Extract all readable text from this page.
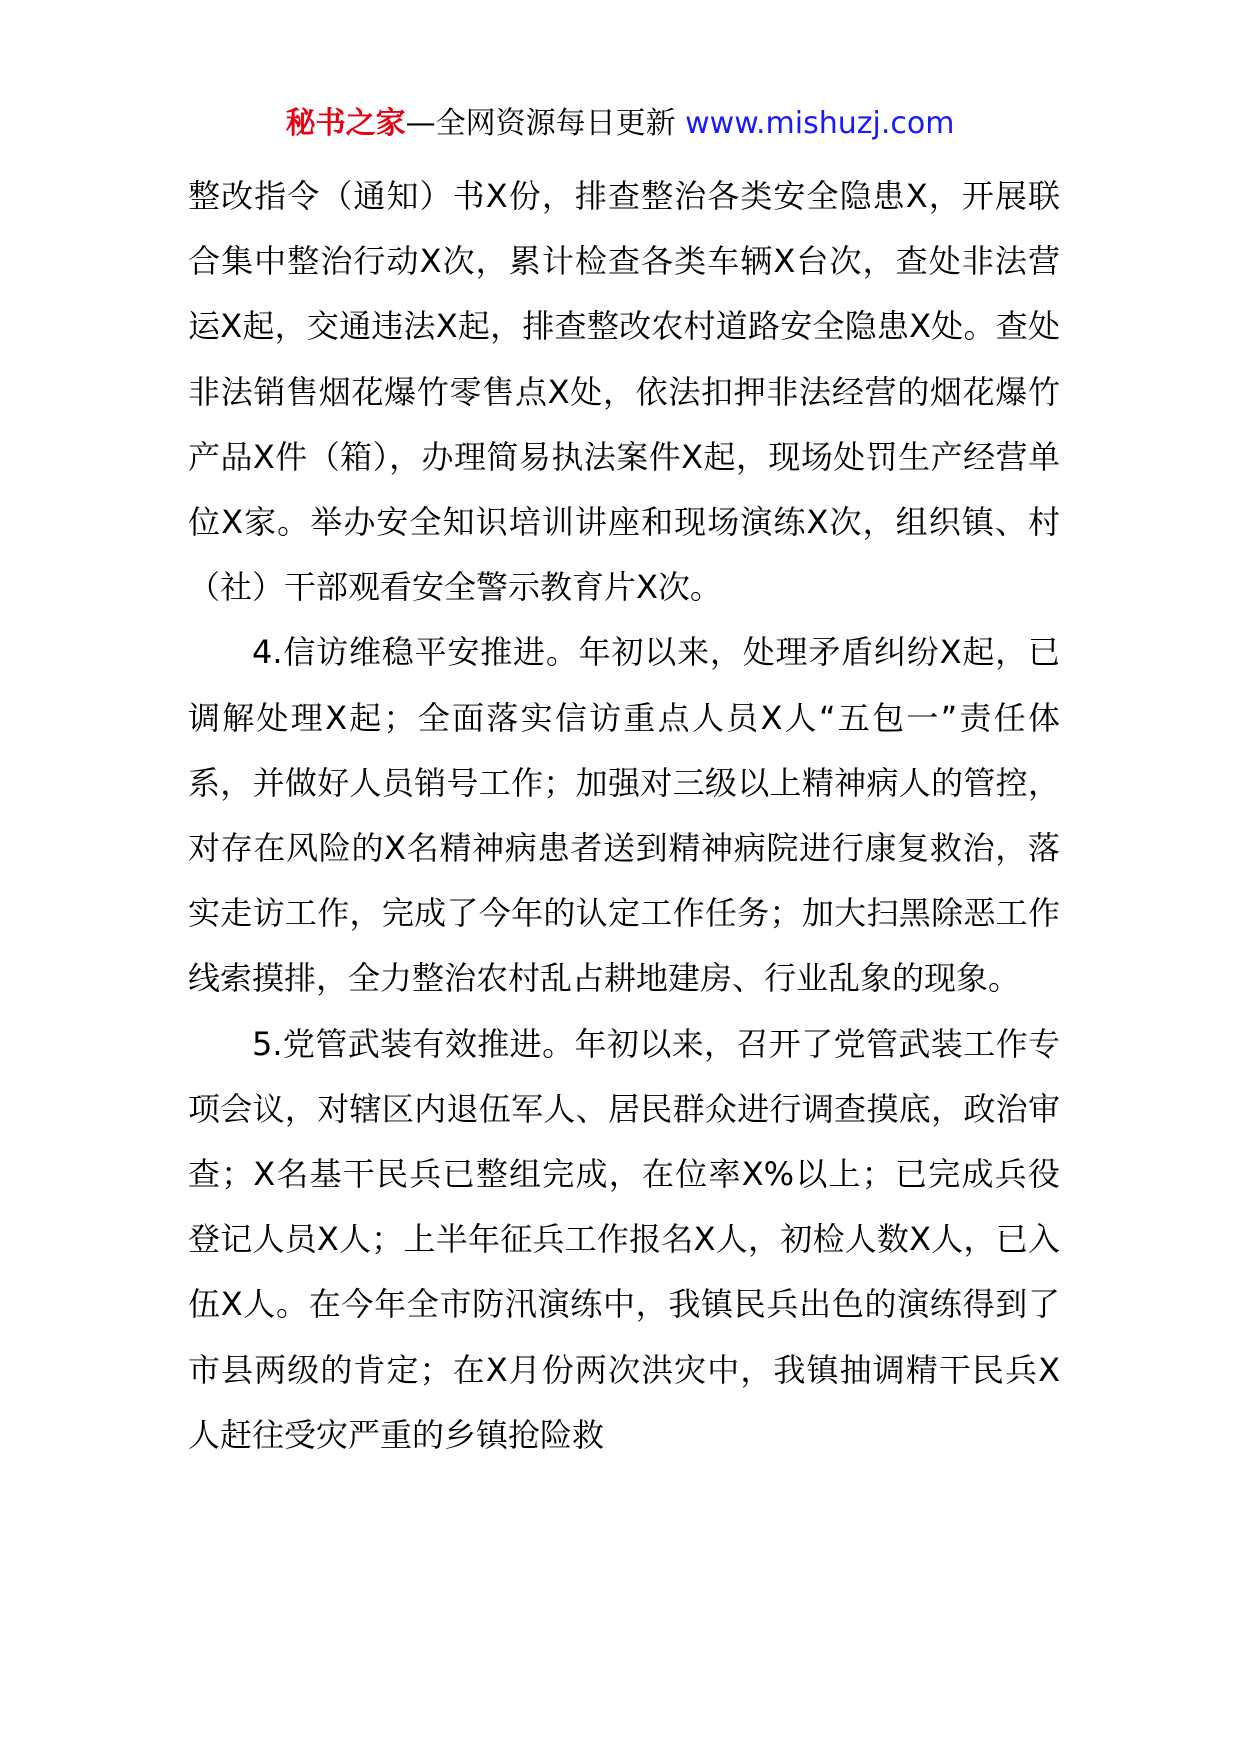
秘书之家—全网资源每日更新 www.mishuzj.com

整改指令（通知）书X份，排查整治各类安全隐患X，开展联合集中整治行动X次，累计检查各类车辆X台次，查处非法营运X起，交通违法X起，排查整改农村道路安全隐患X处。查处非法销售烟花爆竹零售点X处，依法扣押非法经营的烟花爆竹产品X件（箱），办理简易执法案件X起，现场处罚生产经营单位X家。举办安全知识培训讲座和现场演练X次，组织镇、村（社）干部观看安全警示教育片X次。

4.信访维稳平安推进。年初以来，处理矛盾纠纷X起，已调解处理X起；全面落实信访重点人员X人“五包一”责任体系，并做好人员销号工作；加强对三级以上精神病人的管控，对存在风险的X名精神病患者送到精神病院进行康复救治，落实走访工作，完成了今年的认定工作任务；加大扫黑除恶工作线索摸排，全力整治农村乱占耕地建房、行业乱象的现象。

5.党管武装有效推进。年初以来，召开了党管武装工作专项会议，对辖区内退伍军人、居民群众进行调查摸底，政治审查；X名基干民兵已整组完成，在位率X%以上；已完成兵役登记人员X人；上半年征兵工作报名X人，初检人数X人，已入伍X人。在今年全市防汛演练中，我镇民兵出色的演练得到了市县两级的肯定；在X月份两次洪灾中，我镇抽调精干民兵X人赶往受灾严重的乡镇抢险救
